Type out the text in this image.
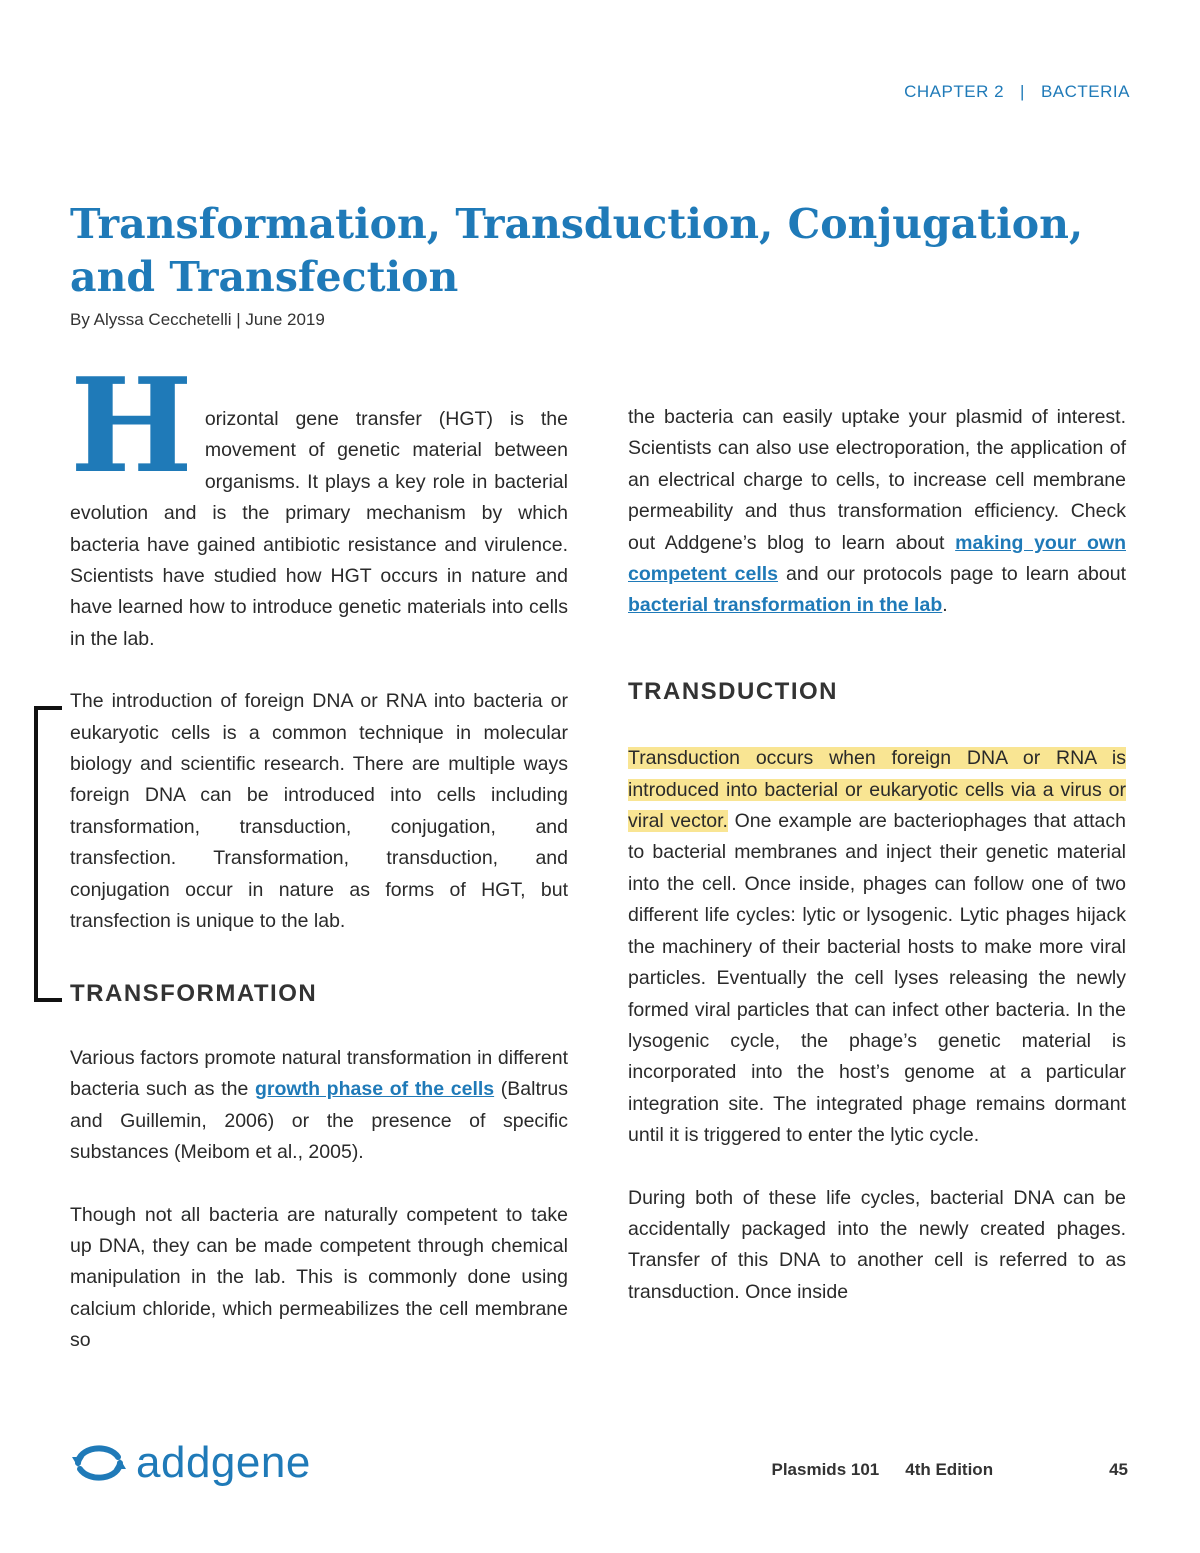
CHAPTER 2 | BACTERIA
Transformation, Transduction, Conjugation,
and Transfection
By Alyssa Cecchetelli | June 2019

Horizontal gene transfer (HGT) is the movement of genetic material between organisms. It plays a key role in bacterial evolution and is the primary mechanism by which bacteria have gained antibiotic resistance and virulence. Scientists have studied how HGT occurs in nature and have learned how to introduce genetic materials into cells in the lab.

The introduction of foreign DNA or RNA into bacteria or eukaryotic cells is a common technique in molecular biology and scientific research. There are multiple ways foreign DNA can be introduced into cells including transformation, transduction, conjugation, and transfection. Transformation, transduction, and conjugation occur in nature as forms of HGT, but transfection is unique to the lab.

TRANSFORMATION

Various factors promote natural transformation in different bacteria such as the growth phase of the cells (Baltrus and Guillemin, 2006) or the presence of specific substances (Meibom et al., 2005).

Though not all bacteria are naturally competent to take up DNA, they can be made competent through chemical manipulation in the lab. This is commonly done using calcium chloride, which permeabilizes the cell membrane so

the bacteria can easily uptake your plasmid of interest. Scientists can also use electroporation, the application of an electrical charge to cells, to increase cell membrane permeability and thus transformation efficiency. Check out Addgene’s blog to learn about making your own competent cells and our protocols page to learn about bacterial transformation in the lab.

TRANSDUCTION

Transduction occurs when foreign DNA or RNA is introduced into bacterial or eukaryotic cells via a virus or viral vector. One example are bacteriophages that attach to bacterial membranes and inject their genetic material into the cell. Once inside, phages can follow one of two different life cycles: lytic or lysogenic. Lytic phages hijack the machinery of their bacterial hosts to make more viral particles. Eventually the cell lyses releasing the newly formed viral particles that can infect other bacteria. In the lysogenic cycle, the phage’s genetic material is incorporated into the host’s genome at a particular integration site. The integrated phage remains dormant until it is triggered to enter the lytic cycle.

During both of these life cycles, bacterial DNA can be accidentally packaged into the newly created phages. Transfer of this DNA to another cell is referred to as transduction. Once inside

addgene	Plasmids 101 4th Edition	45
